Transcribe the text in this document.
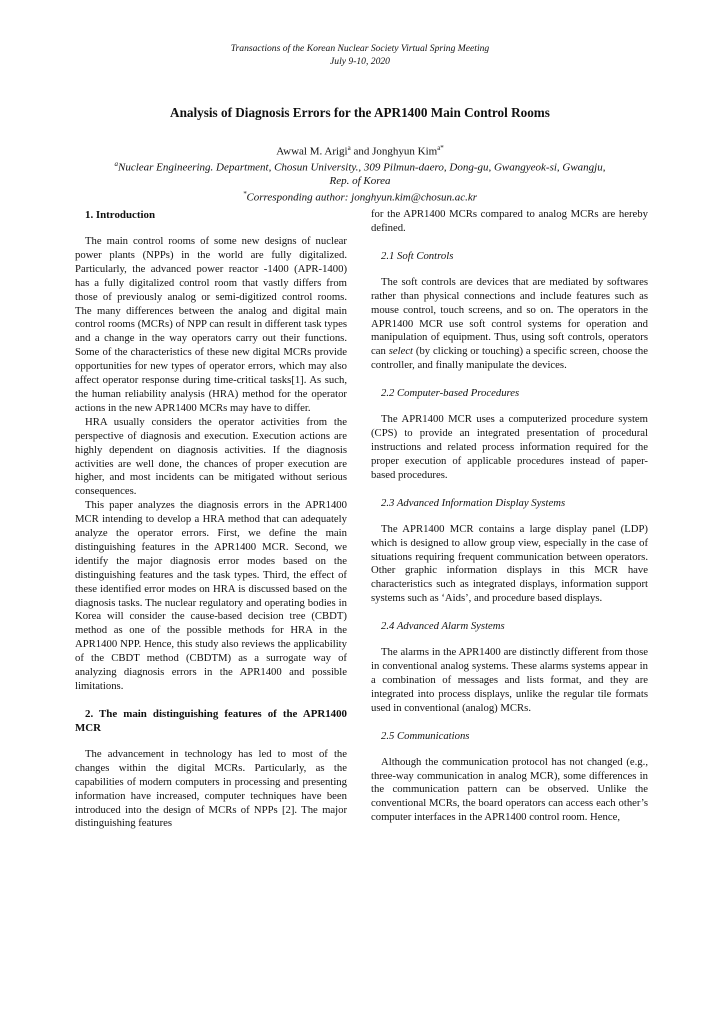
Transactions of the Korean Nuclear Society Virtual Spring Meeting
July 9-10, 2020
Analysis of Diagnosis Errors for the APR1400 Main Control Rooms
Awwal M. Arigi$^a$ and Jonghyun Kim$^{a*}$
$^a$Nuclear Engineering. Department, Chosun University., 309 Pilmun-daero, Dong-gu, Gwangyeok-si, Gwangju,
Rep. of Korea
*Corresponding author: jonghyun.kim@chosun.ac.kr

1. Introduction

The main control rooms of some new designs of nuclear power plants (NPPs) in the world are fully digitalized. Particularly, the advanced power reactor -1400 (APR-1400) has a fully digitalized control room that vastly differs from those of previously analog or semi-digitized control rooms. The many differences between the analog and digital main control rooms (MCRs) of NPP can result in different task types and a change in the way operators carry out their functions. Some of the characteristics of these new digital MCRs provide opportunities for new types of operator errors, which may also affect operator response during time-critical tasks[1]. As such, the human reliability analysis (HRA) method for the operator actions in the new APR1400 MCRs may have to differ.

HRA usually considers the operator activities from the perspective of diagnosis and execution. Execution actions are highly dependent on diagnosis activities. If the diagnosis activities are well done, the chances of proper execution are higher, and most incidents can be mitigated without serious consequences.

This paper analyzes the diagnosis errors in the APR1400 MCR intending to develop a HRA method that can adequately analyze the operator errors. First, we define the main distinguishing features in the APR1400 MCR. Second, we identify the major diagnosis error modes based on the distinguishing features and the task types. Third, the effect of these identified error modes on HRA is discussed based on the diagnosis tasks. The nuclear regulatory and operating bodies in Korea will consider the cause-based decision tree (CBDT) method as one of the possible methods for HRA in the APR1400 NPP. Hence, this study also reviews the applicability of the CBDT method (CBDTM) as a surrogate way of analyzing diagnosis errors in the APR1400 and possible limitations.

2. The main distinguishing features of the APR1400 MCR

The advancement in technology has led to most of the changes within the digital MCRs. Particularly, as the capabilities of modern computers in processing and presenting information have increased, computer techniques have been introduced into the design of MCRs of NPPs [2]. The major distinguishing features

for the APR1400 MCRs compared to analog MCRs are hereby defined.

2.1 Soft Controls

The soft controls are devices that are mediated by softwares rather than physical connections and include features such as mouse control, touch screens, and so on. The operators in the APR1400 MCR use soft control systems for operation and manipulation of equipment. Thus, using soft controls, operators can select (by clicking or touching) a specific screen, choose the controller, and finally manipulate the devices.

2.2 Computer-based Procedures

The APR1400 MCR uses a computerized procedure system (CPS) to provide an integrated presentation of procedural instructions and related process information required for the proper execution of applicable procedures instead of paper-based procedures.

2.3 Advanced Information Display Systems

The APR1400 MCR contains a large display panel (LDP) which is designed to allow group view, especially in the case of situations requiring frequent communication between operators. Other graphic information displays in this MCR have characteristics such as integrated displays, information support systems such as ‘Aids’, and procedure based displays.

2.4 Advanced Alarm Systems

The alarms in the APR1400 are distinctly different from those in conventional analog systems. These alarms systems appear in a combination of messages and lists format, and they are integrated into process displays, unlike the regular tile formats used in conventional (analog) MCRs.

2.5 Communications

Although the communication protocol has not changed (e.g., three-way communication in analog MCR), some differences in the communication pattern can be observed. Unlike the conventional MCRs, the board operators can access each other’s computer interfaces in the APR1400 control room. Hence,
